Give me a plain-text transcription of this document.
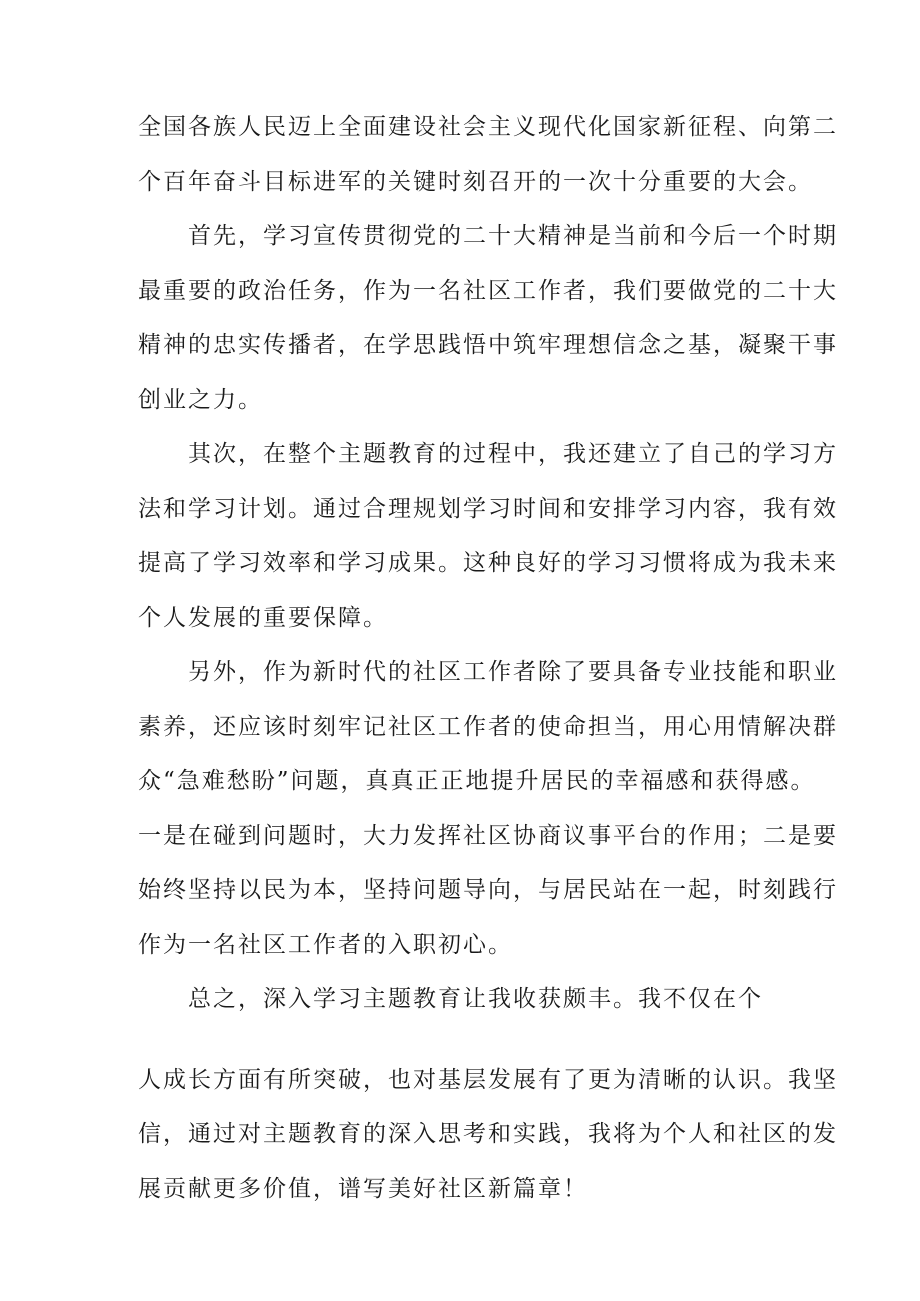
全国各族人民迈上全面建设社会主义现代化国家新征程、向第二
个百年奋斗目标进军的关键时刻召开的一次十分重要的大会。

首先，学习宣传贯彻党的二十大精神是当前和今后一个时期
最重要的政治任务，作为一名社区工作者，我们要做党的二十大
精神的忠实传播者，在学思践悟中筑牢理想信念之基，凝聚干事
创业之力。

其次，在整个主题教育的过程中，我还建立了自己的学习方
法和学习计划。通过合理规划学习时间和安排学习内容，我有效
提高了学习效率和学习成果。这种良好的学习习惯将成为我未来
个人发展的重要保障。

另外，作为新时代的社区工作者除了要具备专业技能和职业
素养，还应该时刻牢记社区工作者的使命担当，用心用情解决群
众“急难愁盼”问题，真真正正地提升居民的幸福感和获得感。
一是在碰到问题时，大力发挥社区协商议事平台的作用；二是要
始终坚持以民为本，坚持问题导向，与居民站在一起，时刻践行
作为一名社区工作者的入职初心。

总之，深入学习主题教育让我收获颇丰。我不仅在个

人成长方面有所突破，也对基层发展有了更为清晰的认识。我坚
信，通过对主题教育的深入思考和实践，我将为个人和社区的发
展贡献更多价值，谱写美好社区新篇章！
